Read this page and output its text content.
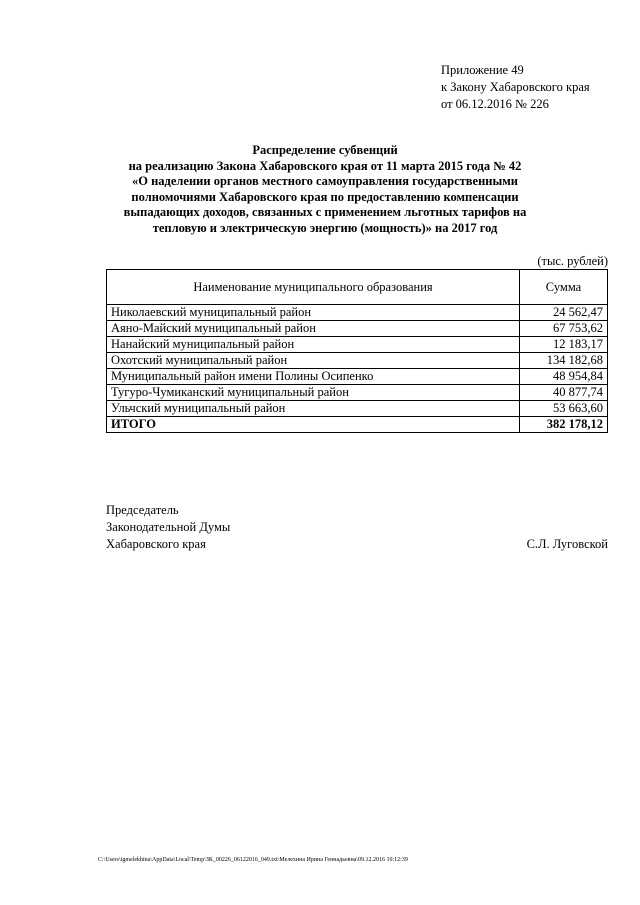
Приложение 49
к Закону Хабаровского края
от 06.12.2016 № 226
Распределение субвенций
на реализацию Закона Хабаровского края от 11 марта 2015 года № 42
«О наделении органов местного самоуправления государственными
полномочиями Хабаровского края по предоставлению компенсации
выпадающих доходов, связанных с применением льготных тарифов на
тепловую и электрическую энергию (мощность)» на 2017 год
(тыс. рублей)
Наименование муниципального образования	Сумма
Николаевский муниципальный район	24 562,47
Аяно-Майский муниципальный район	67 753,62
Нанайский муниципальный район	12 183,17
Охотский муниципальный район	134 182,68
Муниципальный район имени Полины Осипенко	48 954,84
Тугуро-Чумиканский муниципальный район	40 877,74
Ульчский муниципальный район	53 663,60
ИТОГО	382 178,12
Председатель
Законодательной Думы
Хабаровского края	С.Л. Луговской
C:\Users\igmelekhina\AppData\Local\Temp\ЗК_00226_06122016_049.txt\Мелехина Ирина Геннадьевна\09.12.2016 10:12:39
